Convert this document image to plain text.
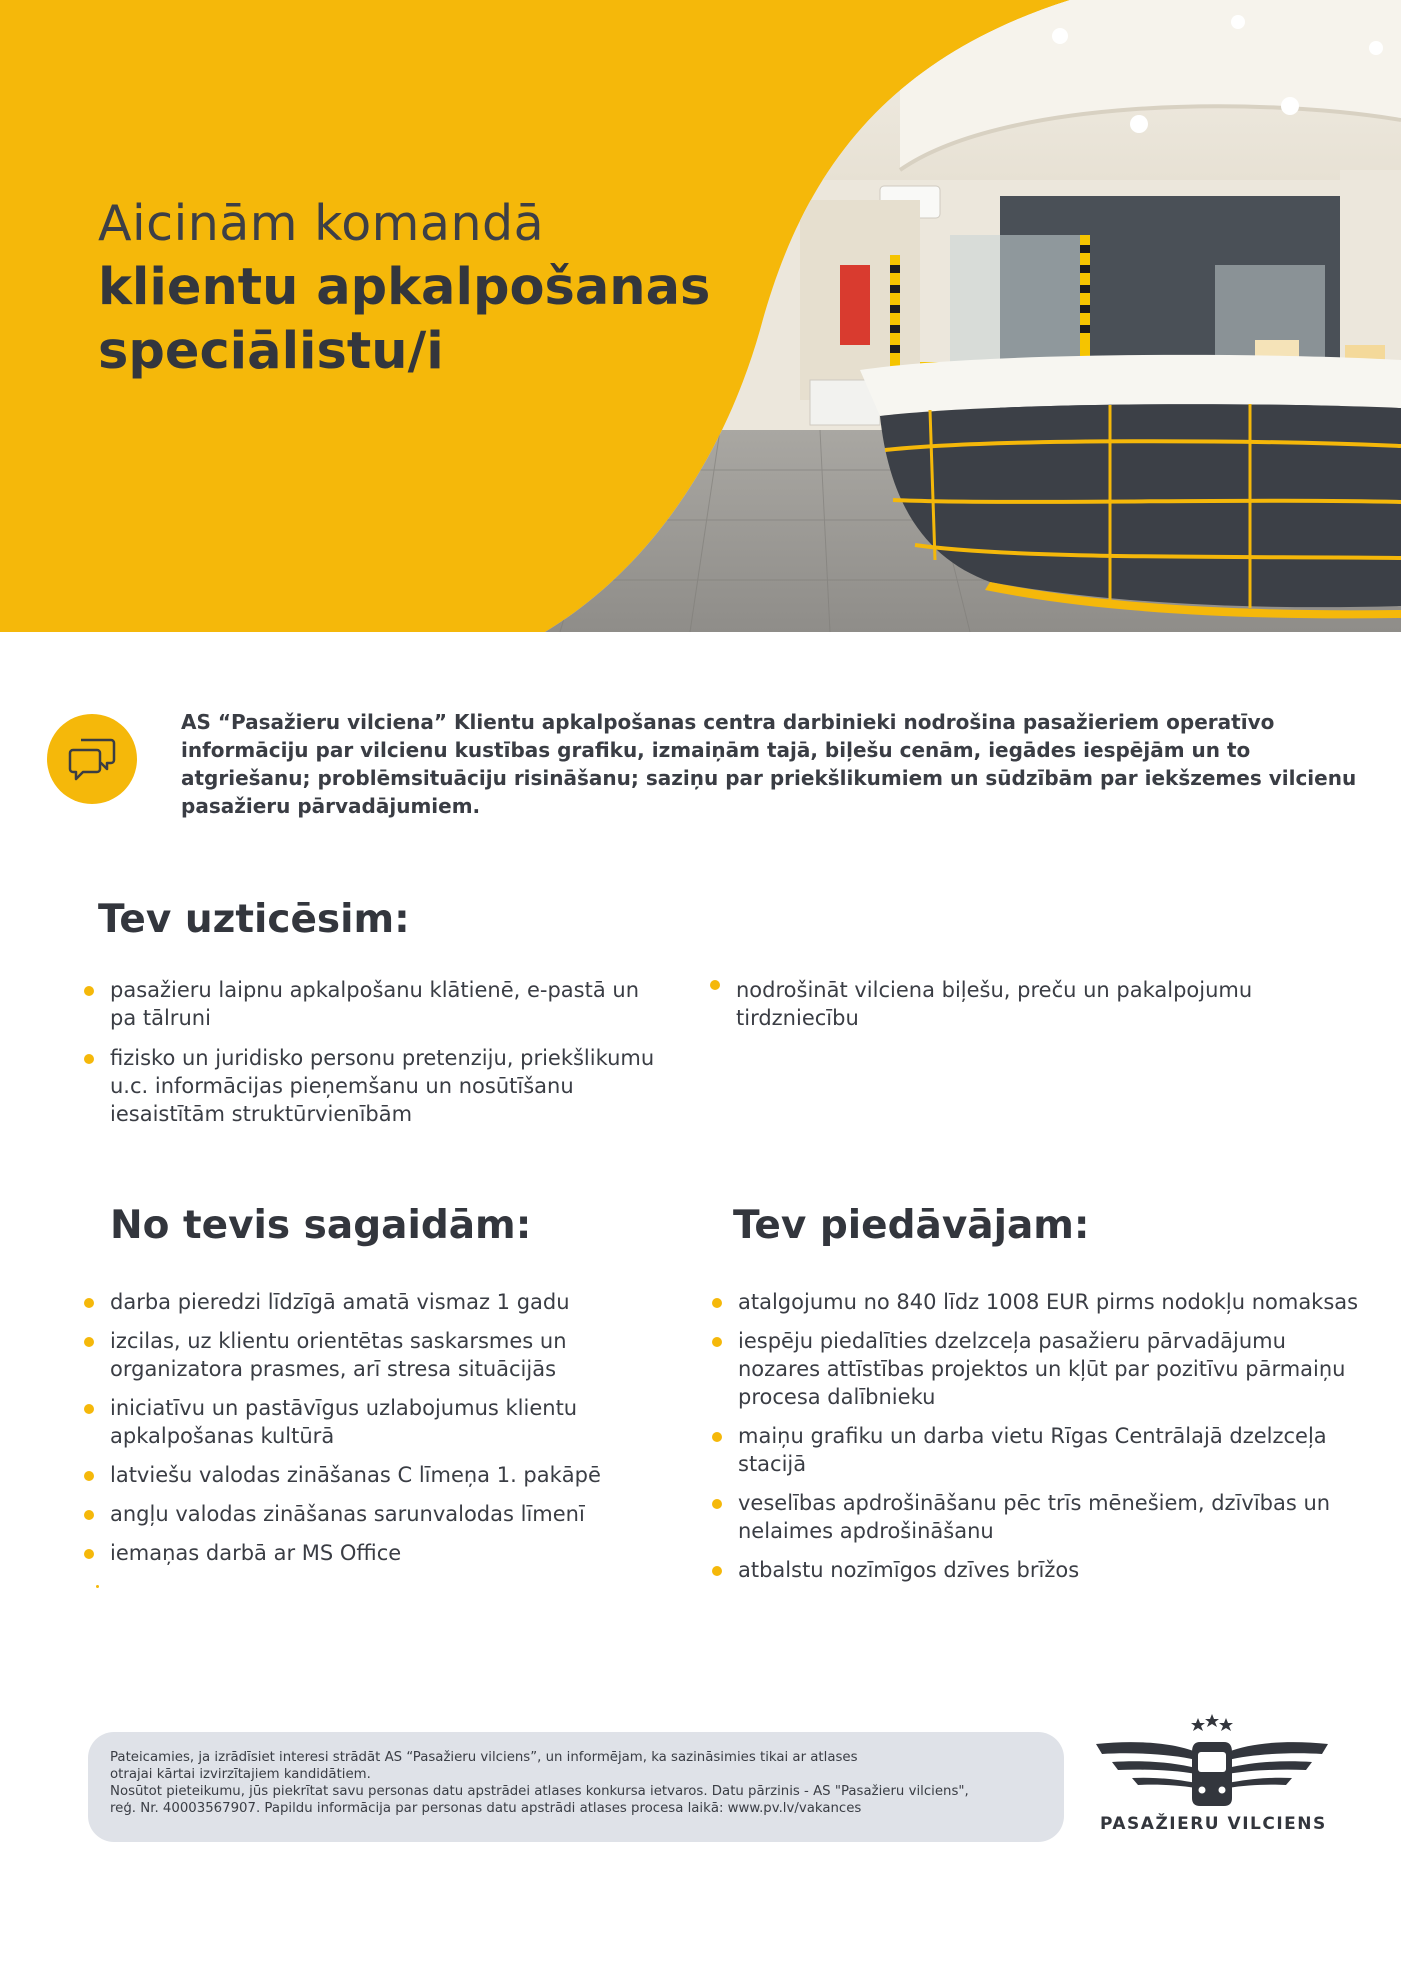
Aicinām komandā
klientu apkalpošanas
speciālistu/i

AS “Pasažieru vilciena” Klientu apkalpošanas centra darbinieki nodrošina pasažieriem operatīvo informāciju par vilcienu kustības grafiku, izmaiņām tajā, biļešu cenām, iegādes iespējām un to atgriešanu; problēmsituāciju risināšanu; saziņu par priekšlikumiem un sūdzībām par iekšzemes vilcienu pasažieru pārvadājumiem.

Tev uzticēsim:
pasažieru laipnu apkalpošanu klātienē, e-pastā un pa tālruni
fizisko un juridisko personu pretenziju, priekšlikumu u.c. informācijas pieņemšanu un nosūtīšanu iesaistītām struktūrvienībām
nodrošināt vilciena biļešu, preču un pakalpojumu tirdzniecību
No tevis sagaidām:
darba pieredzi līdzīgā amatā vismaz 1 gadu
izcilas, uz klientu orientētas saskarsmes un organizatora prasmes, arī stresa situācijās
iniciatīvu un pastāvīgus uzlabojumus klientu apkalpošanas kultūrā
latviešu valodas zināšanas C līmeņa 1. pakāpē
angļu valodas zināšanas sarunvalodas līmenī
iemaņas darbā ar MS Office
Tev piedāvājam:
atalgojumu no 840 līdz 1008 EUR pirms nodokļu nomaksas
iespēju piedalīties dzelzceļa pasažieru pārvadājumu nozares attīstības projektos un kļūt par pozitīvu pārmaiņu procesa dalībnieku
maiņu grafiku un darba vietu Rīgas Centrālajā dzelzceļa stacijā
veselības apdrošināšanu pēc trīs mēnešiem, dzīvības un nelaimes apdrošināšanu
atbalstu nozīmīgos dzīves brīžos

Pateicamies, ja izrādīsiet interesi strādāt AS “Pasažieru vilciens”, un informējam, ka sazināsimies tikai ar atlases

otrajai kārtai izvirzītajiem kandidātiem.

Nosūtot pieteikumu, jūs piekrītat savu personas datu apstrādei atlases konkursa ietvaros. Datu pārzinis - AS "Pasažieru vilciens",

reģ. Nr. 40003567907. Papildu informācija par personas datu apstrādi atlases procesa laikā: www.pv.lv/vakances

PASAŽIERU VILCIENS
